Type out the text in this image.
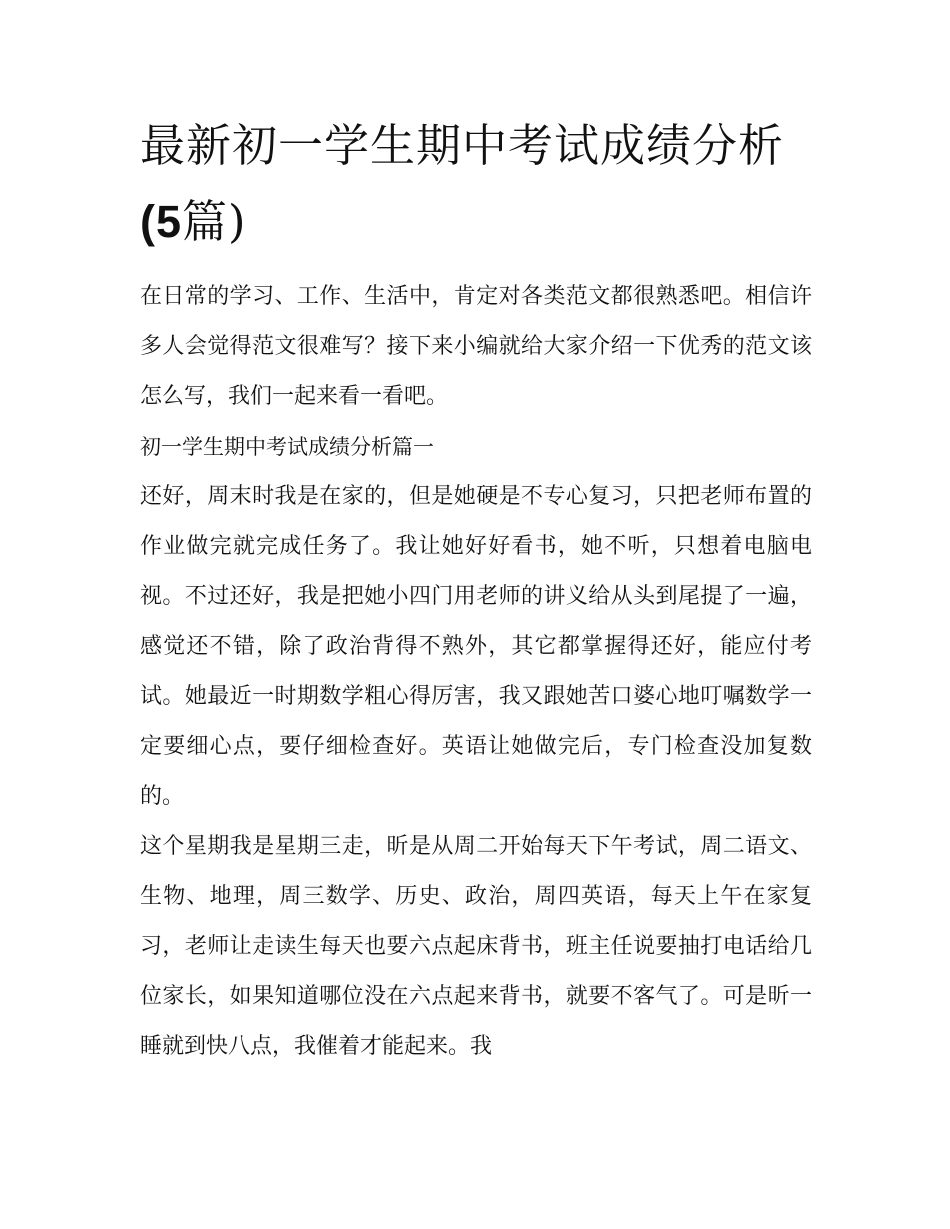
最新初一学生期中考试成绩分析(5篇)

在日常的学习、工作、生活中，肯定对各类范文都很熟悉吧。相信许多人会觉得范文很难写？接下来小编就给大家介绍一下优秀的范文该怎么写，我们一起来看一看吧。

初一学生期中考试成绩分析篇一

还好，周末时我是在家的，但是她硬是不专心复习，只把老师布置的作业做完就完成任务了。我让她好好看书，她不听，只想着电脑电视。不过还好，我是把她小四门用老师的讲义给从头到尾提了一遍，感觉还不错，除了政治背得不熟外，其它都掌握得还好，能应付考试。她最近一时期数学粗心得厉害，我又跟她苦口婆心地叮嘱数学一定要细心点，要仔细检查好。英语让她做完后，专门检查没加复数的。

这个星期我是星期三走，昕是从周二开始每天下午考试，周二语文、生物、地理，周三数学、历史、政治，周四英语，每天上午在家复习，老师让走读生每天也要六点起床背书，班主任说要抽打电话给几位家长，如果知道哪位没在六点起来背书，就要不客气了。可是昕一睡就到快八点，我催着才能起来。我
